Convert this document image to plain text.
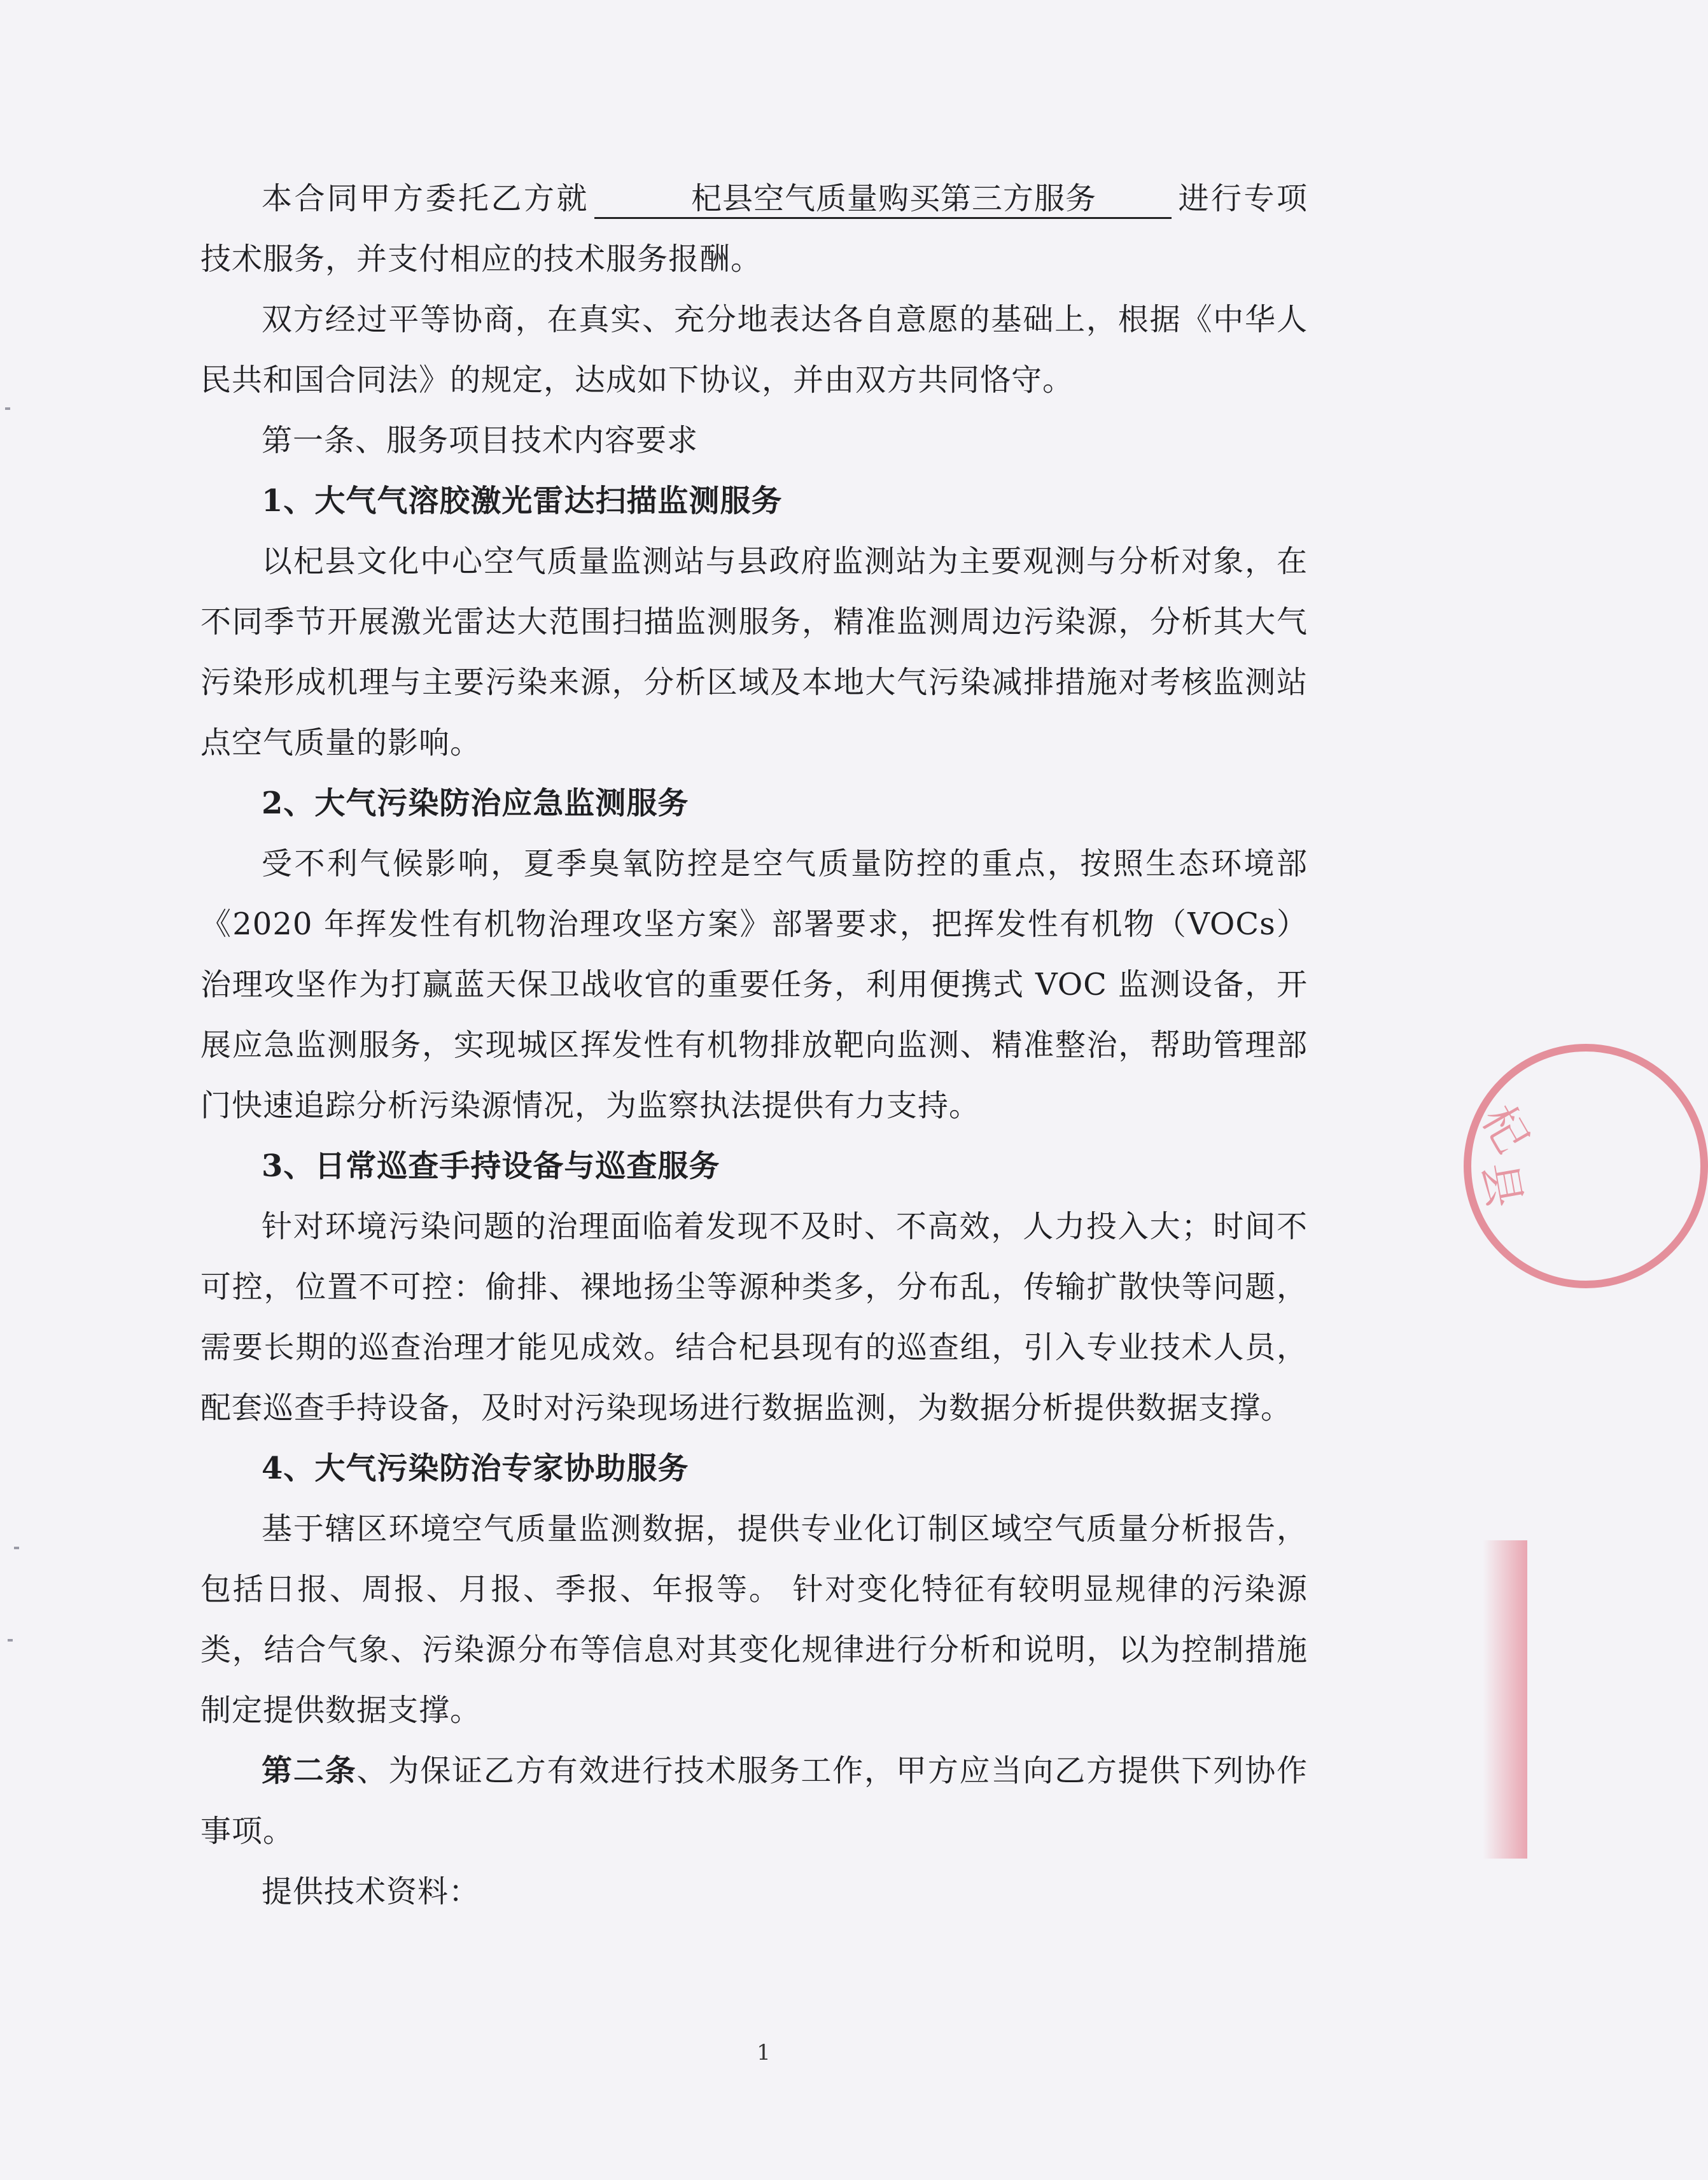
本合同甲方委托乙方就	杞县空气质量购买第三方服务	进行专项技术服务，并支付相应的技术服务报酬。

双方经过平等协商，在真实、充分地表达各自意愿的基础上，根据《中华人民共和国合同法》的规定，达成如下协议，并由双方共同恪守。

第一条、服务项目技术内容要求

1、大气气溶胶激光雷达扫描监测服务

以杞县文化中心空气质量监测站与县政府监测站为主要观测与分析对象，在不同季节开展激光雷达大范围扫描监测服务，精准监测周边污染源，分析其大气污染形成机理与主要污染来源，分析区域及本地大气污染减排措施对考核监测站点空气质量的影响。

2、大气污染防治应急监测服务

受不利气候影响，夏季臭氧防控是空气质量防控的重点，按照生态环境部《2020 年挥发性有机物治理攻坚方案》部署要求，把挥发性有机物（VOCs）治理攻坚作为打赢蓝天保卫战收官的重要任务，利用便携式 VOC 监测设备，开展应急监测服务，实现城区挥发性有机物排放靶向监测、精准整治，帮助管理部门快速追踪分析污染源情况，为监察执法提供有力支持。

3、日常巡查手持设备与巡查服务

针对环境污染问题的治理面临着发现不及时、不高效，人力投入大；时间不可控，位置不可控：偷排、裸地扬尘等源种类多，分布乱，传输扩散快等问题，需要长期的巡查治理才能见成效。结合杞县现有的巡查组，引入专业技术人员，配套巡查手持设备，及时对污染现场进行数据监测，为数据分析提供数据支撑。

4、大气污染防治专家协助服务

基于辖区环境空气质量监测数据，提供专业化订制区域空气质量分析报告，包括日报、周报、月报、季报、年报等。 针对变化特征有较明显规律的污染源类，结合气象、污染源分布等信息对其变化规律进行分析和说明，以为控制措施制定提供数据支撑。

第二条、为保证乙方有效进行技术服务工作，甲方应当向乙方提供下列协作事项。

提供技术资料：

1
杞
县
